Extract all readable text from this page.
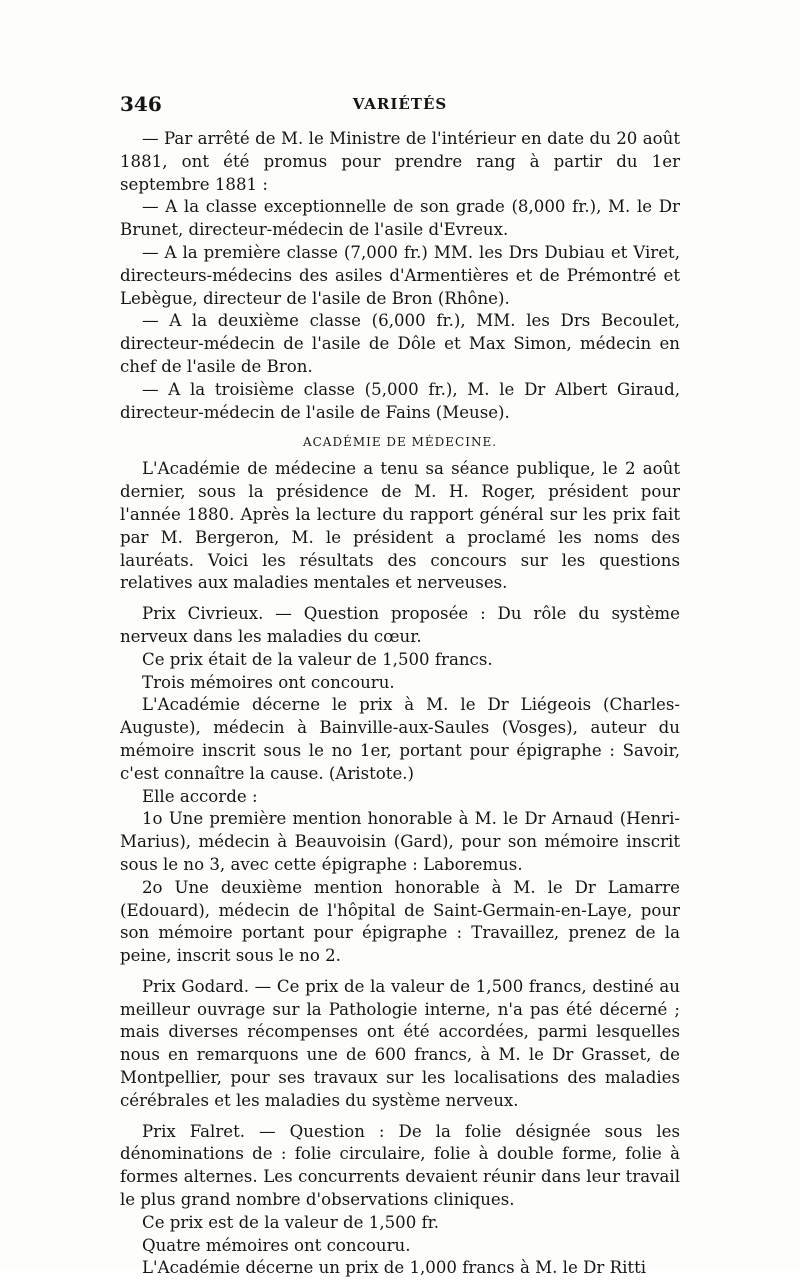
346	VARIÉTÉS

— Par arrêté de M. le Ministre de l'intérieur en date du 20 août 1881, ont été promus pour prendre rang à partir du 1er septembre 1881 :

— A la classe exceptionnelle de son grade (8,000 fr.), M. le Dr Brunet, directeur-médecin de l'asile d'Evreux.

— A la première classe (7,000 fr.) MM. les Drs Dubiau et Viret, directeurs-médecins des asiles d'Armentières et de Prémontré et Lebègue, directeur de l'asile de Bron (Rhône).

— A la deuxième classe (6,000 fr.), MM. les Drs Becoulet, directeur-médecin de l'asile de Dôle et Max Simon, médecin en chef de l'asile de Bron.

— A la troisième classe (5,000 fr.), M. le Dr Albert Giraud, directeur-médecin de l'asile de Fains (Meuse).

ACADÉMIE DE MÉDECINE.

L'Académie de médecine a tenu sa séance publique, le 2 août dernier, sous la présidence de M. H. Roger, président pour l'année 1880. Après la lecture du rapport général sur les prix fait par M. Bergeron, M. le président a proclamé les noms des lauréats. Voici les résultats des concours sur les questions relatives aux maladies mentales et nerveuses.

Prix Civrieux. — Question proposée : Du rôle du système nerveux dans les maladies du cœur.

Ce prix était de la valeur de 1,500 francs.

Trois mémoires ont concouru.

L'Académie décerne le prix à M. le Dr Liégeois (Charles-Auguste), médecin à Bainville-aux-Saules (Vosges), auteur du mémoire inscrit sous le no 1er, portant pour épigraphe : Savoir, c'est connaître la cause. (Aristote.)

Elle accorde :

1o Une première mention honorable à M. le Dr Arnaud (Henri-Marius), médecin à Beauvoisin (Gard), pour son mémoire inscrit sous le no 3, avec cette épigraphe : Laboremus.

2o Une deuxième mention honorable à M. le Dr Lamarre (Edouard), médecin de l'hôpital de Saint-Germain-en-Laye, pour son mémoire portant pour épigraphe : Travaillez, prenez de la peine, inscrit sous le no 2.

Prix Godard. — Ce prix de la valeur de 1,500 francs, destiné au meilleur ouvrage sur la Pathologie interne, n'a pas été décerné ; mais diverses récompenses ont été accordées, parmi lesquelles nous en remarquons une de 600 francs, à M. le Dr Grasset, de Montpellier, pour ses travaux sur les localisations des maladies cérébrales et les maladies du système nerveux.

Prix Falret. — Question : De la folie désignée sous les dénominations de : folie circulaire, folie à double forme, folie à formes alternes. Les concurrents devaient réunir dans leur travail le plus grand nombre d'observations cliniques.

Ce prix est de la valeur de 1,500 fr.

Quatre mémoires ont concouru.

L'Académie décerne un prix de 1,000 francs à M. le Dr Ritti
